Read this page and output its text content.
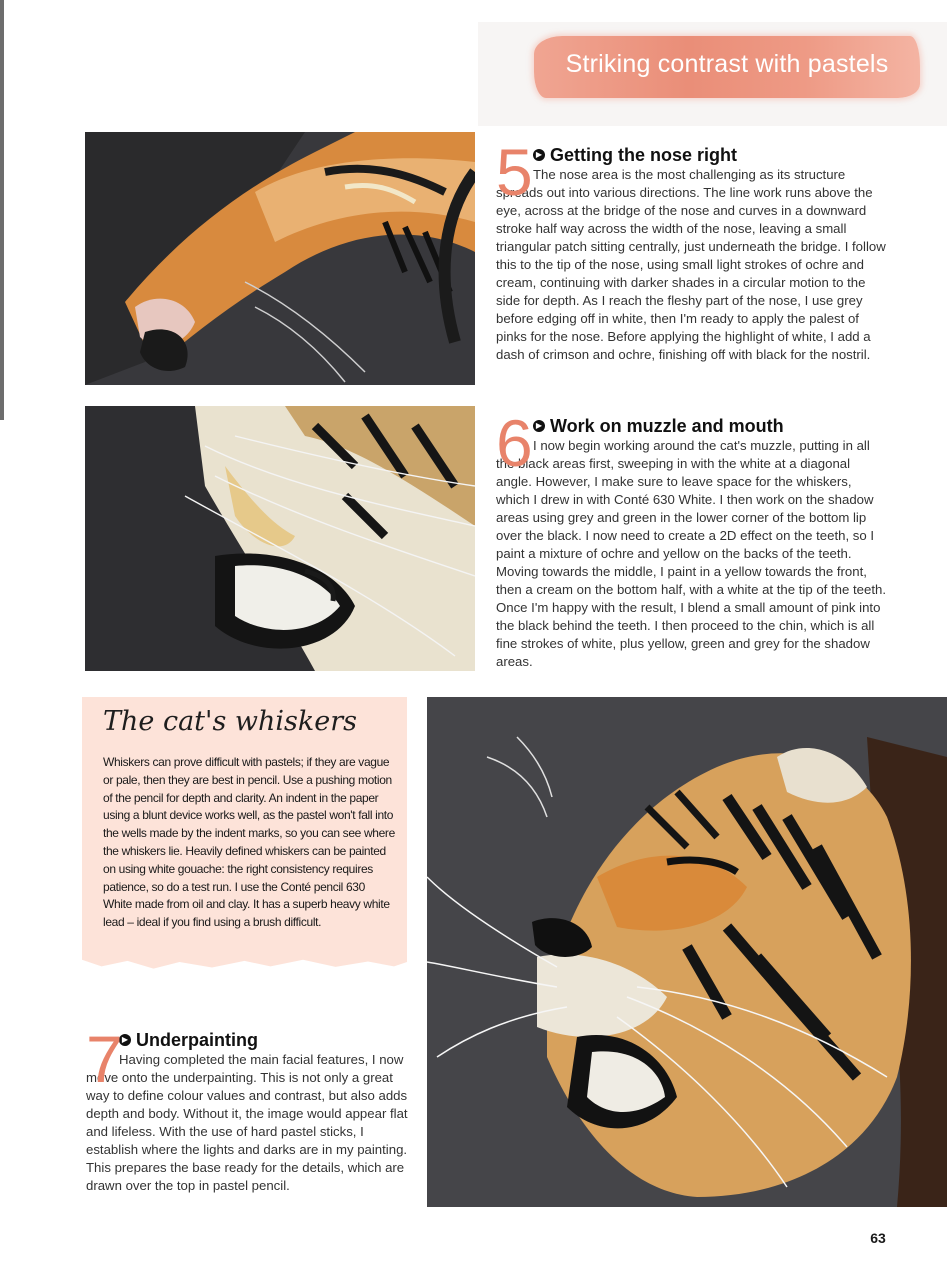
Striking contrast with pastels
5 ▶ Getting the nose right
The nose area is the most challenging as its structure spreads out into various directions. The line work runs above the eye, across at the bridge of the nose and curves in a downward stroke half way across the width of the nose, leaving a small triangular patch sitting centrally, just underneath the bridge. I follow this to the tip of the nose, using small light strokes of ochre and cream, continuing with darker shades in a circular motion to the side for depth. As I reach the fleshy part of the nose, I use grey before edging off in white, then I'm ready to apply the palest of pinks for the nose. Before applying the highlight of white, I add a dash of crimson and ochre, finishing off with black for the nostril.
6 ▶ Work on muzzle and mouth
I now begin working around the cat's muzzle, putting in all the black areas first, sweeping in with the white at a diagonal angle. However, I make sure to leave space for the whiskers, which I drew in with Conté 630 White. I then work on the shadow areas using grey and green in the lower corner of the bottom lip over the black. I now need to create a 2D effect on the teeth, so I paint a mixture of ochre and yellow on the backs of the teeth. Moving towards the middle, I paint in a yellow towards the front, then a cream on the bottom half, with a white at the tip of the teeth. Once I'm happy with the result, I blend a small amount of pink into the black behind the teeth. I then proceed to the chin, which is all fine strokes of white, plus yellow, green and grey for the shadow areas.
The cat's whiskers
Whiskers can prove difficult with pastels; if they are vague or pale, then they are best in pencil. Use a pushing motion of the pencil for depth and clarity. An indent in the paper using a blunt device works well, as the pastel won't fall into the wells made by the indent marks, so you can see where the whiskers lie. Heavily defined whiskers can be painted on using white gouache: the right consistency requires patience, so do a test run. I use the Conté pencil 630 White made from oil and clay. It has a superb heavy white lead – ideal if you find using a brush difficult.
7 ▶ Underpainting
Having completed the main facial features, I now move onto the underpainting. This is not only a great way to define colour values and contrast, but also adds depth and body. Without it, the image would appear flat and lifeless. With the use of hard pastel sticks, I establish where the lights and darks are in my painting. This prepares the base ready for the details, which are drawn over the top in pastel pencil.
63
